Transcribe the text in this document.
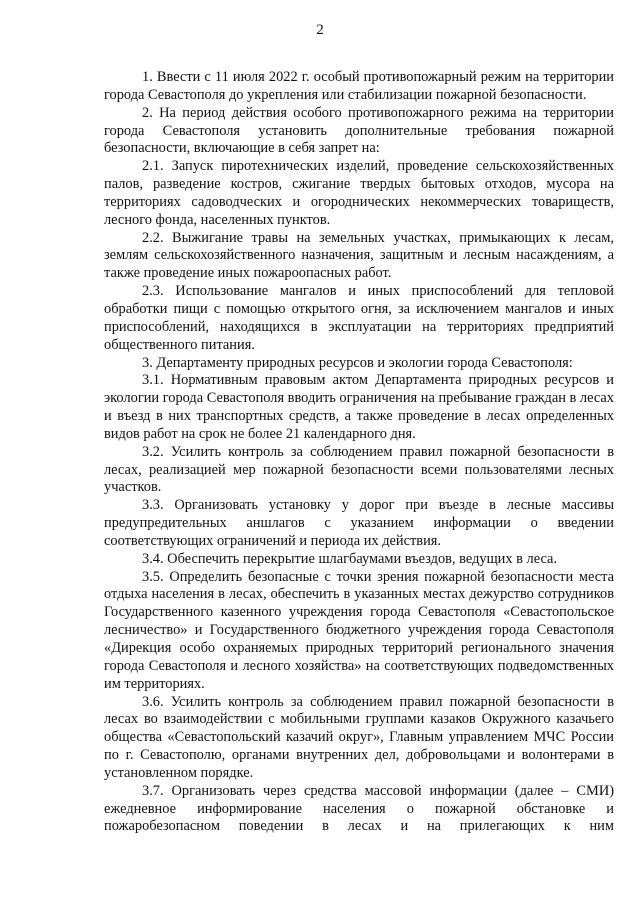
2

1. Ввести с 11 июля 2022 г. особый противопожарный режим на территории города Севастополя до укрепления или стабилизации пожарной безопасности.

2. На период действия особого противопожарного режима на территории города Севастополя установить дополнительные требования пожарной безопасности, включающие в себя запрет на:

2.1. Запуск пиротехнических изделий, проведение сельскохозяйственных палов, разведение костров, сжигание твердых бытовых отходов, мусора на территориях садоводческих и огороднических некоммерческих товариществ, лесного фонда, населенных пунктов.

2.2. Выжигание травы на земельных участках, примыкающих к лесам, землям сельскохозяйственного назначения, защитным и лесным насаждениям, а также проведение иных пожароопасных работ.

2.3. Использование мангалов и иных приспособлений для тепловой обработки пищи с помощью открытого огня, за исключением мангалов и иных приспособлений, находящихся в эксплуатации на территориях предприятий общественного питания.

3. Департаменту природных ресурсов и экологии города Севастополя:

3.1. Нормативным правовым актом Департамента природных ресурсов и экологии города Севастополя вводить ограничения на пребывание граждан в лесах и въезд в них транспортных средств, а также проведение в лесах определенных видов работ на срок не более 21 календарного дня.

3.2. Усилить контроль за соблюдением правил пожарной безопасности в лесах, реализацией мер пожарной безопасности всеми пользователями лесных участков.

3.3. Организовать установку у дорог при въезде в лесные массивы предупредительных аншлагов с указанием информации о введении соответствующих ограничений и периода их действия.

3.4. Обеспечить перекрытие шлагбаумами въездов, ведущих в леса.

3.5. Определить безопасные с точки зрения пожарной безопасности места отдыха населения в лесах, обеспечить в указанных местах дежурство сотрудников Государственного казенного учреждения города Севастополя «Севастопольское лесничество» и Государственного бюджетного учреждения города Севастополя «Дирекция особо охраняемых природных территорий регионального значения города Севастополя и лесного хозяйства» на соответствующих подведомственных им территориях.

3.6. Усилить контроль за соблюдением правил пожарной безопасности в лесах во взаимодействии с мобильными группами казаков Окружного казачьего общества «Севастопольский казачий округ», Главным управлением МЧС России по г. Севастополю, органами внутренних дел, добровольцами и волонтерами в установленном порядке.

3.7. Организовать через средства массовой информации (далее – СМИ) ежедневное информирование населения о пожарной обстановке и пожаробезопасном поведении в лесах и на прилегающих к ним
